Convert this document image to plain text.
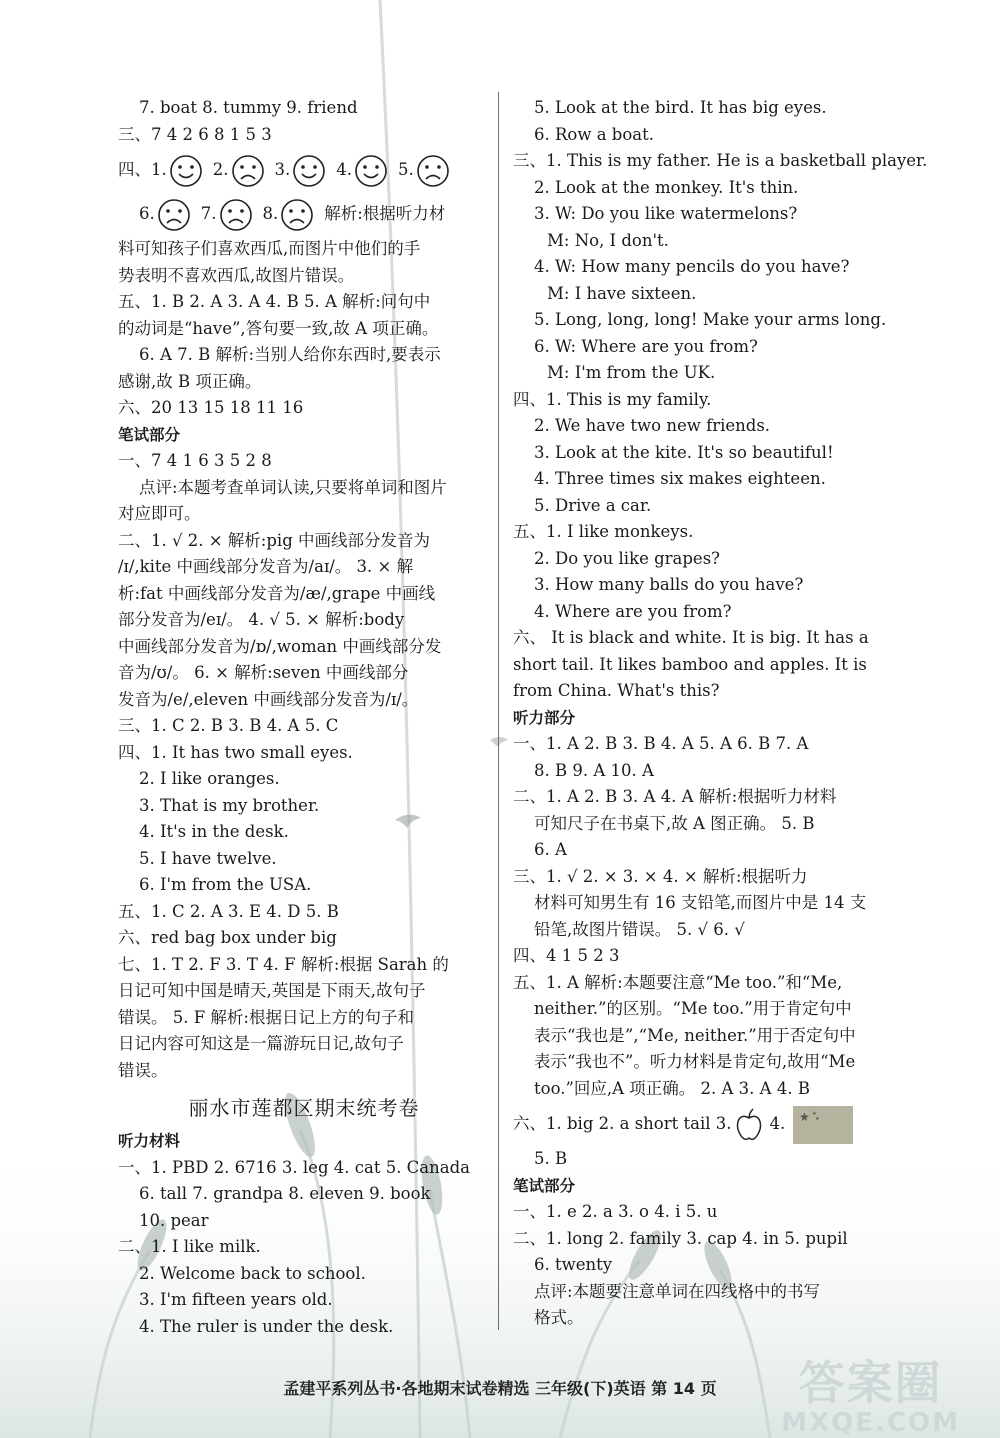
7. boat 8. tummy 9. friend
三、7 4 2 6 8 1 5 3
四、1.	2.	3.	4.	5.
6.	7.	8.	解析:根据听力材
料可知孩子们喜欢西瓜,而图片中他们的手
势表明不喜欢西瓜,故图片错误。
五、1. B 2. A 3. A 4. B 5. A 解析:问句中
的动词是“have”,答句要一致,故 A 项正确。
6. A 7. B 解析:当别人给你东西时,要表示
感谢,故 B 项正确。
六、20 13 15 18 11 16
笔试部分
一、7 4 1 6 3 5 2 8
点评:本题考查单词认读,只要将单词和图片
对应即可。
二、1. √ 2. × 解析:pig 中画线部分发音为
/ɪ/,kite 中画线部分发音为/aɪ/。 3. × 解
析:fat 中画线部分发音为/æ/,grape 中画线
部分发音为/eɪ/。 4. √ 5. × 解析:body
中画线部分发音为/ɒ/,woman 中画线部分发
音为/ʊ/。 6. × 解析:seven 中画线部分
发音为/e/,eleven 中画线部分发音为/ɪ/。
三、1. C 2. B 3. B 4. A 5. C
四、1. It has two small eyes.
2. I like oranges.
3. That is my brother.
4. It's in the desk.
5. I have twelve.
6. I'm from the USA.
五、1. C 2. A 3. E 4. D 5. B
六、red bag box under big
七、1. T 2. F 3. T 4. F 解析:根据 Sarah 的
日记可知中国是晴天,英国是下雨天,故句子
错误。 5. F 解析:根据日记上方的句子和
日记内容可知这是一篇游玩日记,故句子
错误。
丽水市莲都区期末统考卷
听力材料
一、1. PBD 2. 6716 3. leg 4. cat 5. Canada
6. tall 7. grandpa 8. eleven 9. book
10. pear
二、1. I like milk.
2. Welcome back to school.
3. I'm fifteen years old.
4. The ruler is under the desk.
5. Look at the bird. It has big eyes.
6. Row a boat.
三、1. This is my father. He is a basketball player.
2. Look at the monkey. It's thin.
3. W: Do you like watermelons?
M: No, I don't.
4. W: How many pencils do you have?
M: I have sixteen.
5. Long, long, long! Make your arms long.
6. W: Where are you from?
M: I'm from the UK.
四、1. This is my family.
2. We have two new friends.
3. Look at the kite. It's so beautiful!
4. Three times six makes eighteen.
5. Drive a car.
五、1. I like monkeys.
2. Do you like grapes?
3. How many balls do you have?
4. Where are you from?
六、 It is black and white. It is big. It has a
short tail. It likes bamboo and apples. It is
from China. What's this?
听力部分
一、1. A 2. B 3. B 4. A 5. A 6. B 7. A
8. B 9. A 10. A
二、1. A 2. B 3. A 4. A 解析:根据听力材料
可知尺子在书桌下,故 A 图正确。 5. B
6. A
三、1. √ 2. × 3. × 4. × 解析:根据听力
材料可知男生有 16 支铅笔,而图片中是 14 支
铅笔,故图片错误。 5. √ 6. √
四、4 1 5 2 3
五、1. A 解析:本题要注意“Me too.”和“Me,
neither.”的区别。“Me too.”用于肯定句中
表示“我也是”,“Me, neither.”用于否定句中
表示“我也不”。听力材料是肯定句,故用“Me
too.”回应,A 项正确。 2. A 3. A 4. B
六、1. big 2. a short tail 3. 4. ★ ★
★
5. B
笔试部分
一、1. e 2. a 3. o 4. i 5. u
二、1. long 2. family 3. cap 4. in 5. pupil
6. twenty
点评:本题要注意单词在四线格中的书写
格式。
孟建平系列丛书·各地期末试卷精选 三年级(下)英语 第 14 页	答案圈
MXQE.COM
